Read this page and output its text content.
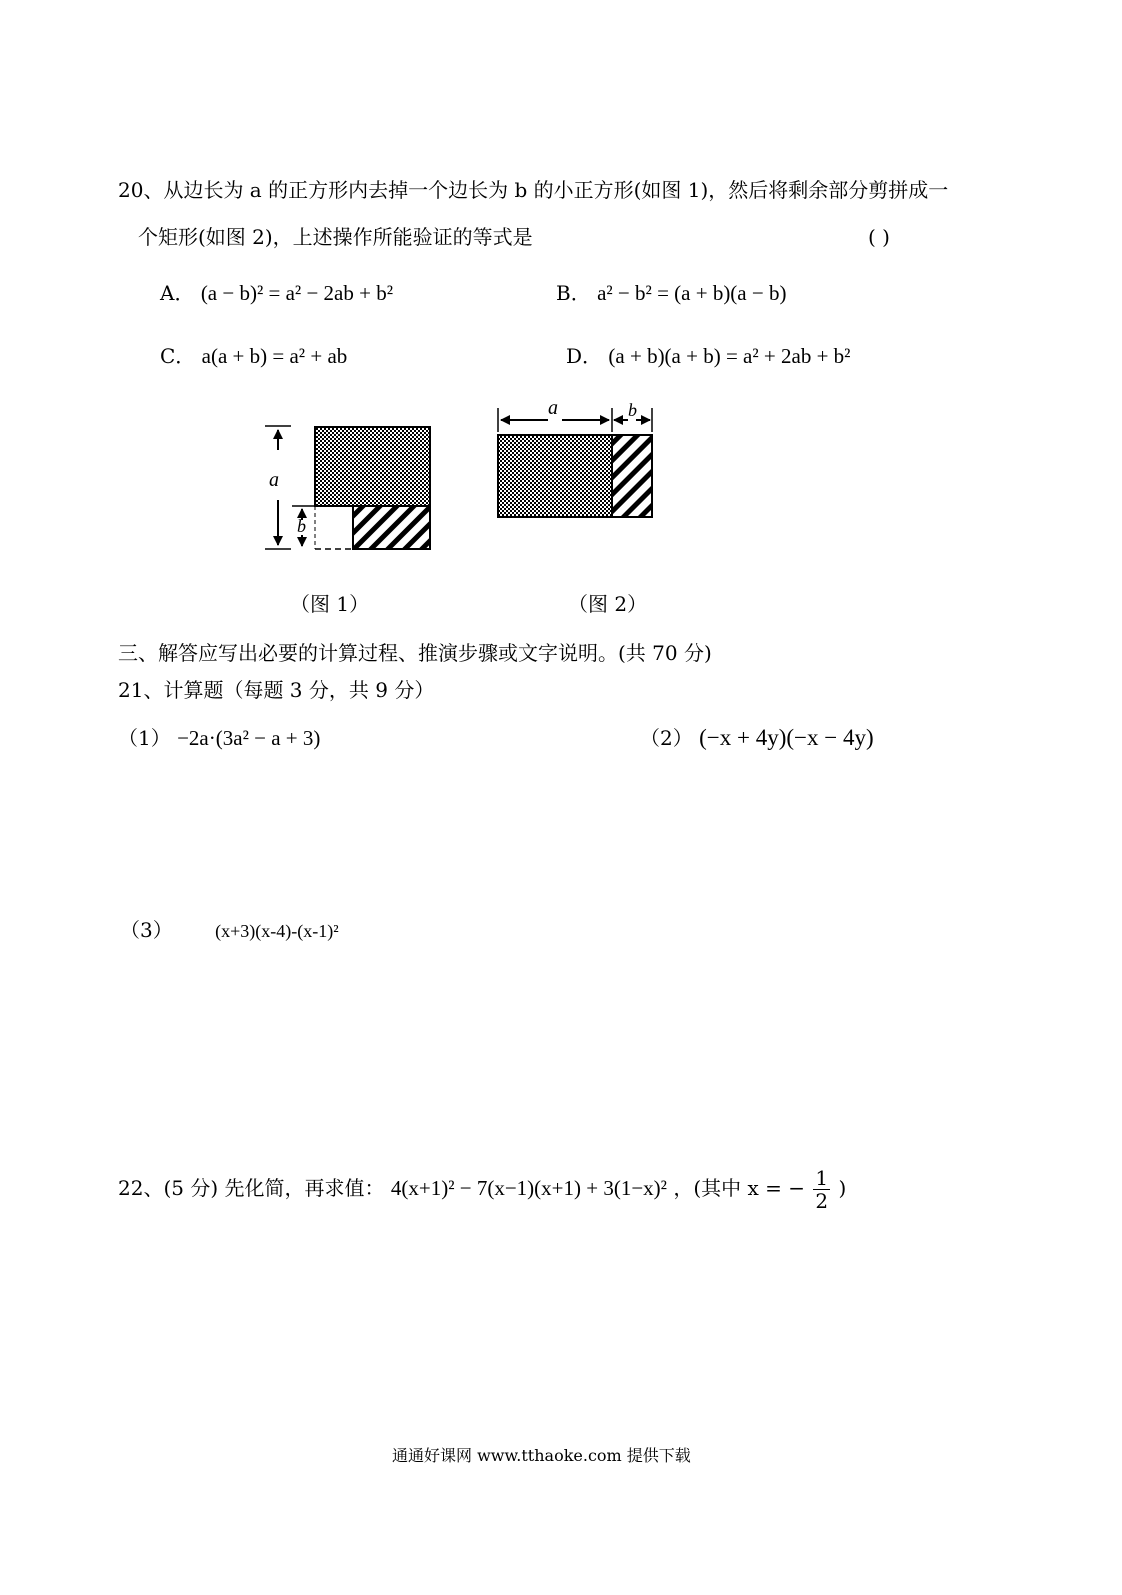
20、从边长为 a 的正方形内去掉一个边长为 b 的小正方形(如图 1)，然后将剩余部分剪拼成一
个矩形(如图 2)，上述操作所能验证的等式是	( )
A． (a − b)² = a² − 2ab + b²	B． a² − b² = (a + b)(a − b)
C． a(a + b) = a² + ab	D． (a + b)(a + b) = a² + 2ab + b²
a
b
a	b
（图 1）	（图 2）
三、解答应写出必要的计算过程、推演步骤或文字说明。(共 70 分)
21、计算题（每题 3 分，共 9 分）
（1） −2a·(3a² − a + 3)	（2） (−x + 4y)(−x − 4y)
（3） (x+3)(x-4)-(x-1)²
22、(5 分) 先化简，再求值： 4(x+1)² − 7(x−1)(x+1) + 3(1−x)² ，(其中 x = − $\frac{1}{2}$ )
通通好课网 www.tthaoke.com 提供下载
